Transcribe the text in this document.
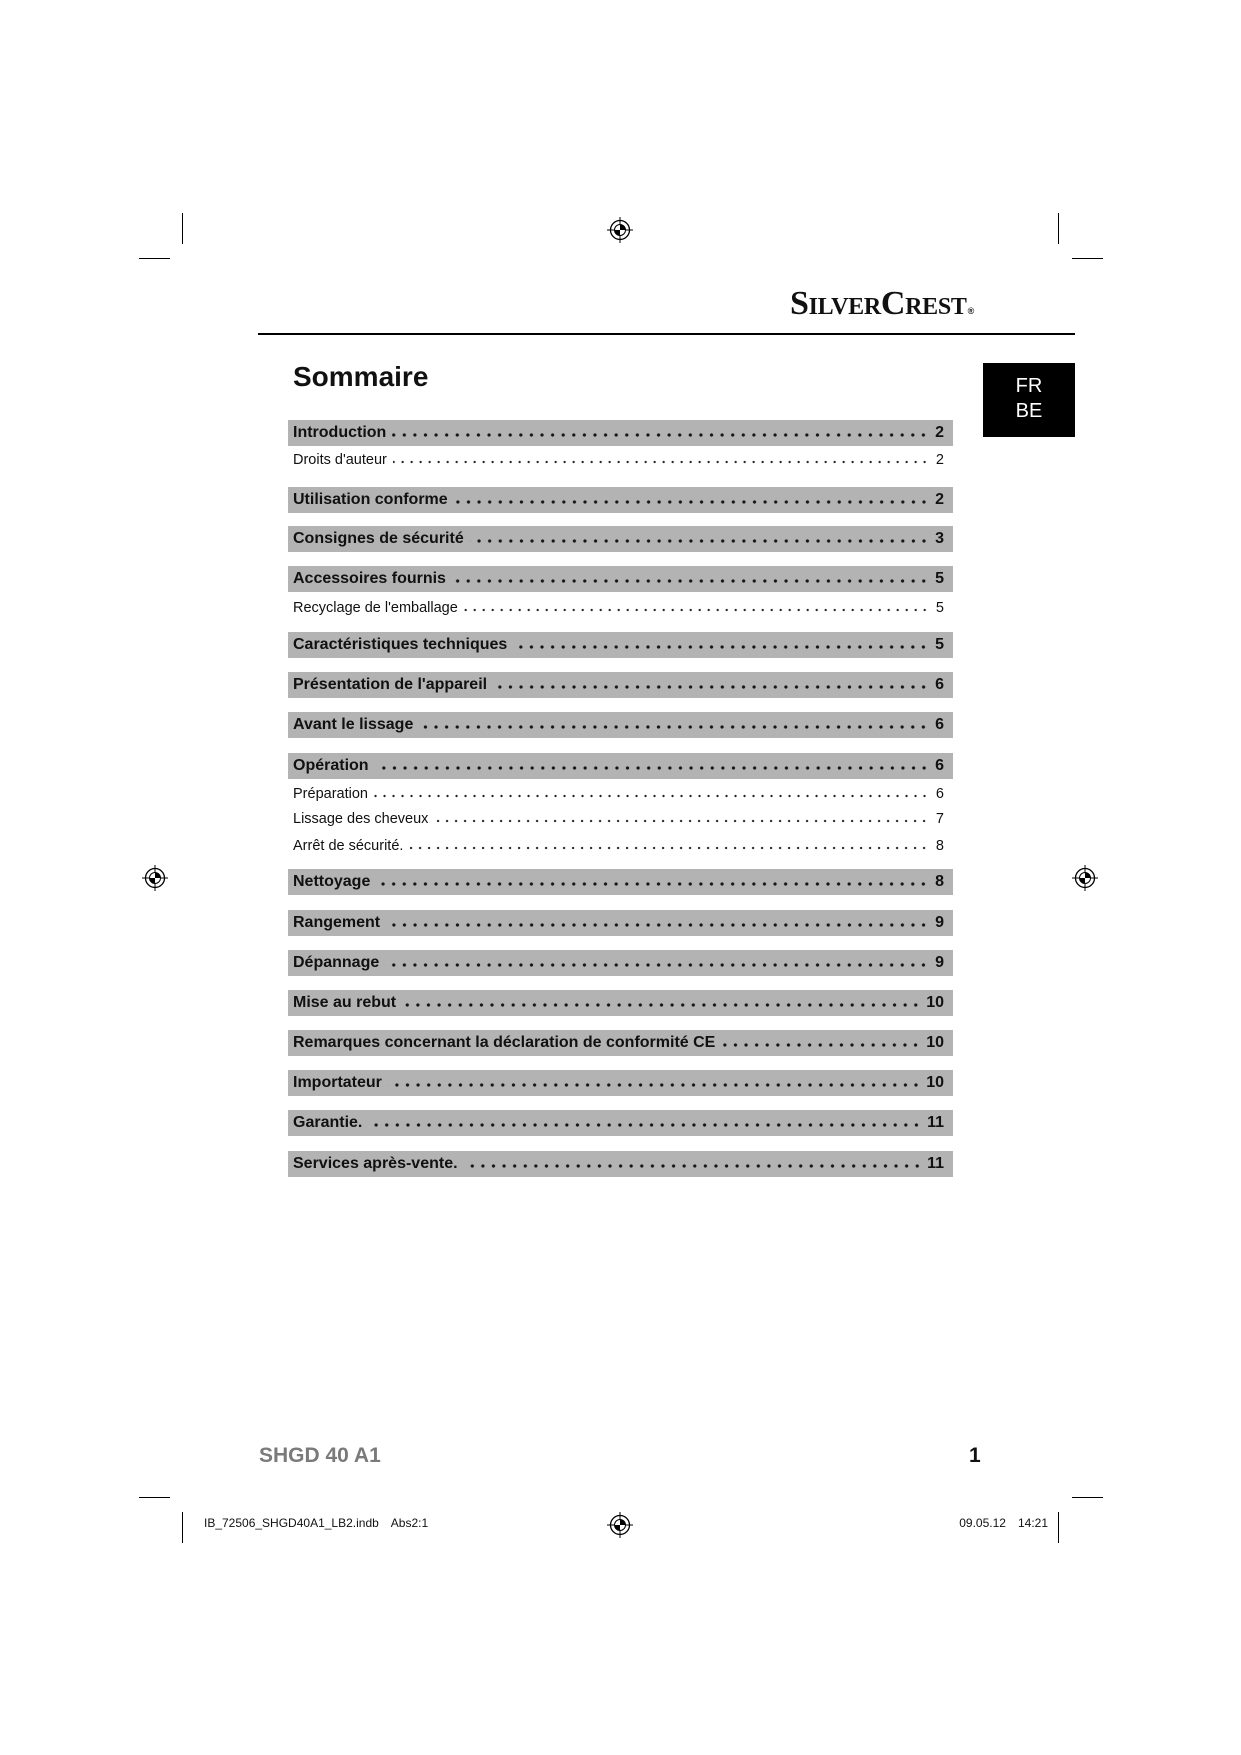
SilverCrest®
Sommaire	FR
BE
Introduction	2
Droits d'auteur	2
Utilisation conforme	2
Consignes de sécurité	3
Accessoires fournis	5
Recyclage de l'emballage	5
Caractéristiques techniques	5
Présentation de l'appareil	6
Avant le lissage	6
Opération	6
Préparation	6
Lissage des cheveux	7
Arrêt de sécurité.	8
Nettoyage	8
Rangement	9
Dépannage	9
Mise au rebut	10
Remarques concernant la déclaration de conformité CE	10
Importateur	10
Garantie.	11
Services après-vente.	11
SHGD 40 A1	1
IB_72506_SHGD40A1_LB2.indb Abs2:1	09.05.12 14:21
